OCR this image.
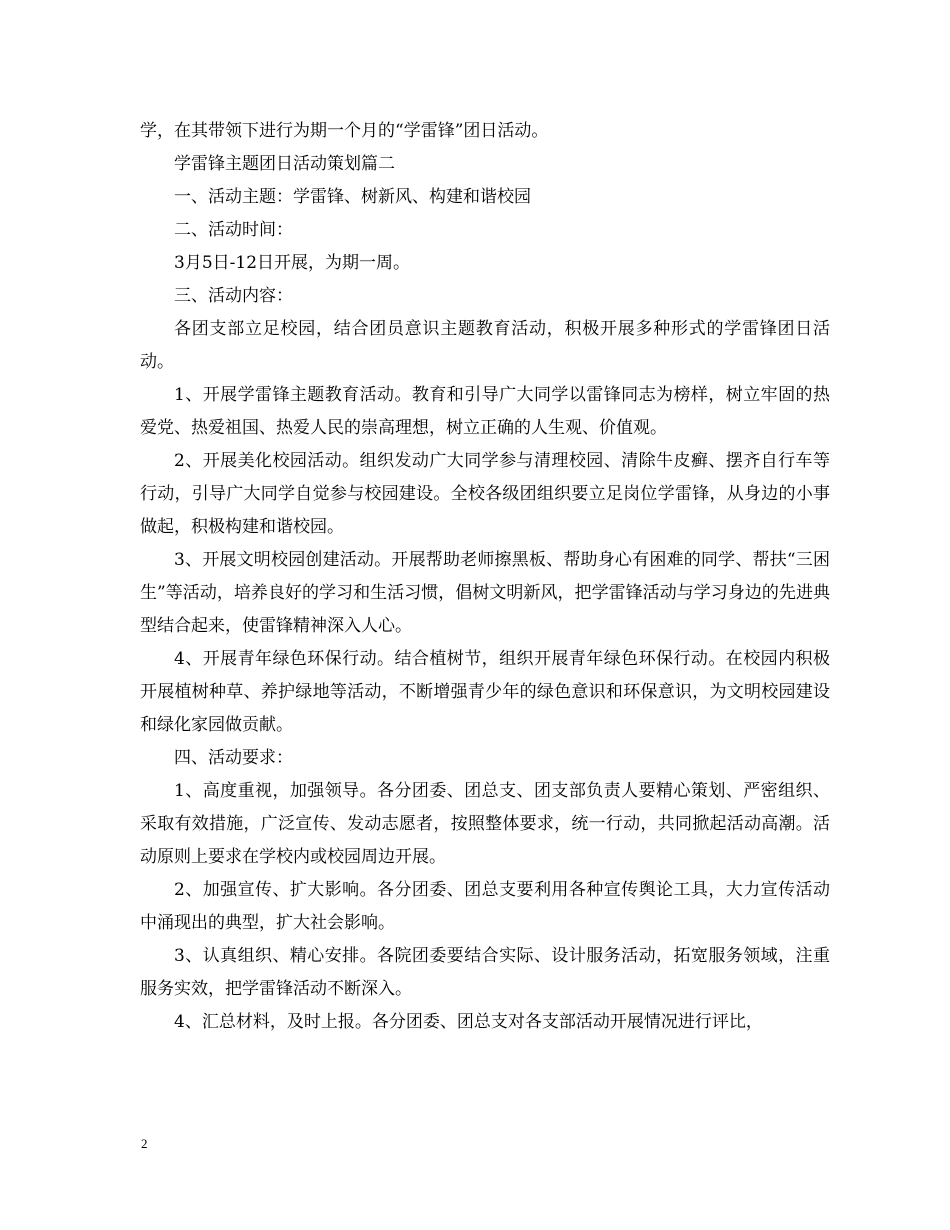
学，在其带领下进行为期一个月的“学雷锋”团日活动。

学雷锋主题团日活动策划篇二

一、活动主题：学雷锋、树新风、构建和谐校园

二、活动时间：

3月5日-12日开展，为期一周。

三、活动内容：

各团支部立足校园，结合团员意识主题教育活动，积极开展多种形式的学雷锋团日活动。

1、开展学雷锋主题教育活动。教育和引导广大同学以雷锋同志为榜样，树立牢固的热爱党、热爱祖国、热爱人民的崇高理想，树立正确的人生观、价值观。

2、开展美化校园活动。组织发动广大同学参与清理校园、清除牛皮癣、摆齐自行车等行动，引导广大同学自觉参与校园建设。全校各级团组织要立足岗位学雷锋，从身边的小事做起，积极构建和谐校园。

3、开展文明校园创建活动。开展帮助老师擦黑板、帮助身心有困难的同学、帮扶“三困生”等活动，培养良好的学习和生活习惯，倡树文明新风，把学雷锋活动与学习身边的先进典型结合起来，使雷锋精神深入人心。

4、开展青年绿色环保行动。结合植树节，组织开展青年绿色环保行动。在校园内积极开展植树种草、养护绿地等活动，不断增强青少年的绿色意识和环保意识，为文明校园建设和绿化家园做贡献。

四、活动要求：

1、高度重视，加强领导。各分团委、团总支、团支部负责人要精心策划、严密组织、采取有效措施，广泛宣传、发动志愿者，按照整体要求，统一行动，共同掀起活动高潮。活动原则上要求在学校内或校园周边开展。

2、加强宣传、扩大影响。各分团委、团总支要利用各种宣传舆论工具，大力宣传活动中涌现出的典型，扩大社会影响。

3、认真组织、精心安排。各院团委要结合实际、设计服务活动，拓宽服务领域，注重服务实效，把学雷锋活动不断深入。

4、汇总材料，及时上报。各分团委、团总支对各支部活动开展情况进行评比，

2
